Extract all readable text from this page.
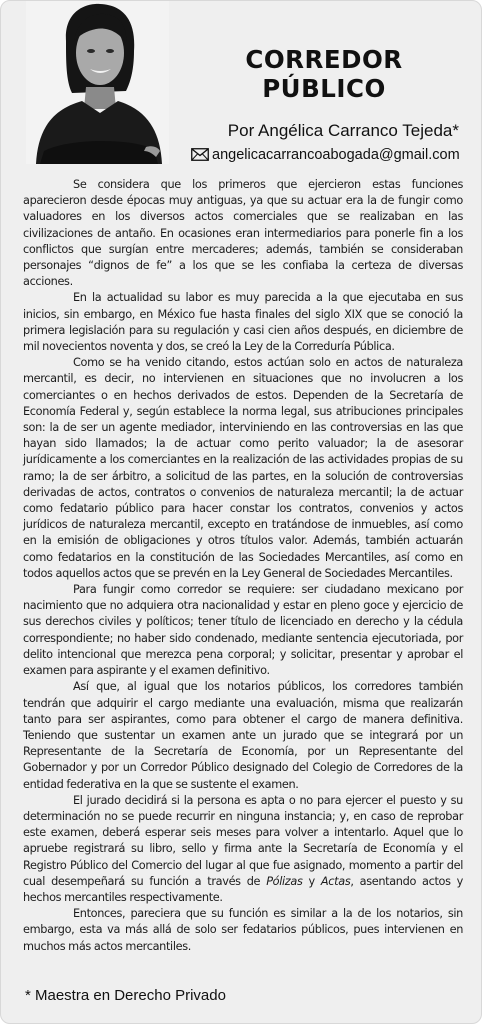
CORREDOR
PÚBLICO
Por Angélica Carranco Tejeda*
angelicacarrancoabogada@gmail.com

Se considera que los primeros que ejercieron estas funciones aparecieron desde épocas muy antiguas, ya que su actuar era la de fungir como valuadores en los diversos actos comerciales que se realizaban en las civilizaciones de antaño. En ocasiones eran intermediarios para ponerle fin a los conflictos que surgían entre mercaderes; además, también se consideraban personajes “dignos de fe” a los que se les confiaba la certeza de diversas acciones.

En la actualidad su labor es muy parecida a la que ejecutaba en sus inicios, sin embargo, en México fue hasta finales del siglo XIX que se conoció la primera legislación para su regulación y casi cien años después, en diciembre de mil novecientos noventa y dos, se creó la Ley de la Correduría Pública.

Como se ha venido citando, estos actúan solo en actos de naturaleza mercantil, es decir, no intervienen en situaciones que no involucren a los comerciantes o en hechos derivados de estos. Dependen de la Secretaría de Economía Federal y, según establece la norma legal, sus atribuciones principales son: la de ser un agente mediador, interviniendo en las controversias en las que hayan sido llamados; la de actuar como perito valuador; la de asesorar jurídicamente a los comerciantes en la realización de las actividades propias de su ramo; la de ser árbitro, a solicitud de las partes, en la solución de controversias derivadas de actos, contratos o convenios de naturaleza mercantil; la de actuar como fedatario público para hacer constar los contratos, convenios y actos jurídicos de naturaleza mercantil, excepto en tratándose de inmuebles, así como en la emisión de obligaciones y otros títulos valor. Además, también actuarán como fedatarios en la constitución de las Sociedades Mercantiles, así como en todos aquellos actos que se prevén en la Ley General de Sociedades Mercantiles.

Para fungir como corredor se requiere: ser ciudadano mexicano por nacimiento que no adquiera otra nacionalidad y estar en pleno goce y ejercicio de sus derechos civiles y políticos; tener título de licenciado en derecho y la cédula correspondiente; no haber sido condenado, mediante sentencia ejecutoriada, por delito intencional que merezca pena corporal; y solicitar, presentar y aprobar el examen para aspirante y el examen definitivo.

Así que, al igual que los notarios públicos, los corredores también tendrán que adquirir el cargo mediante una evaluación, misma que realizarán tanto para ser aspirantes, como para obtener el cargo de manera definitiva. Teniendo que sustentar un examen ante un jurado que se integrará por un Representante de la Secretaría de Economía, por un Representante del Gobernador y por un Corredor Público designado del Colegio de Corredores de la entidad federativa en la que se sustente el examen.

El jurado decidirá si la persona es apta o no para ejercer el puesto y su determinación no se puede recurrir en ninguna instancia; y, en caso de reprobar este examen, deberá esperar seis meses para volver a intentarlo. Aquel que lo apruebe registrará su libro, sello y firma ante la Secretaría de Economía y el Registro Público del Comercio del lugar al que fue asignado, momento a partir del cual desempeñará su función a través de Pólizas y Actas, asentando actos y hechos mercantiles respectivamente.

Entonces, pareciera que su función es similar a la de los notarios, sin embargo, esta va más allá de solo ser fedatarios públicos, pues intervienen en muchos más actos mercantiles.

* Maestra en Derecho Privado
